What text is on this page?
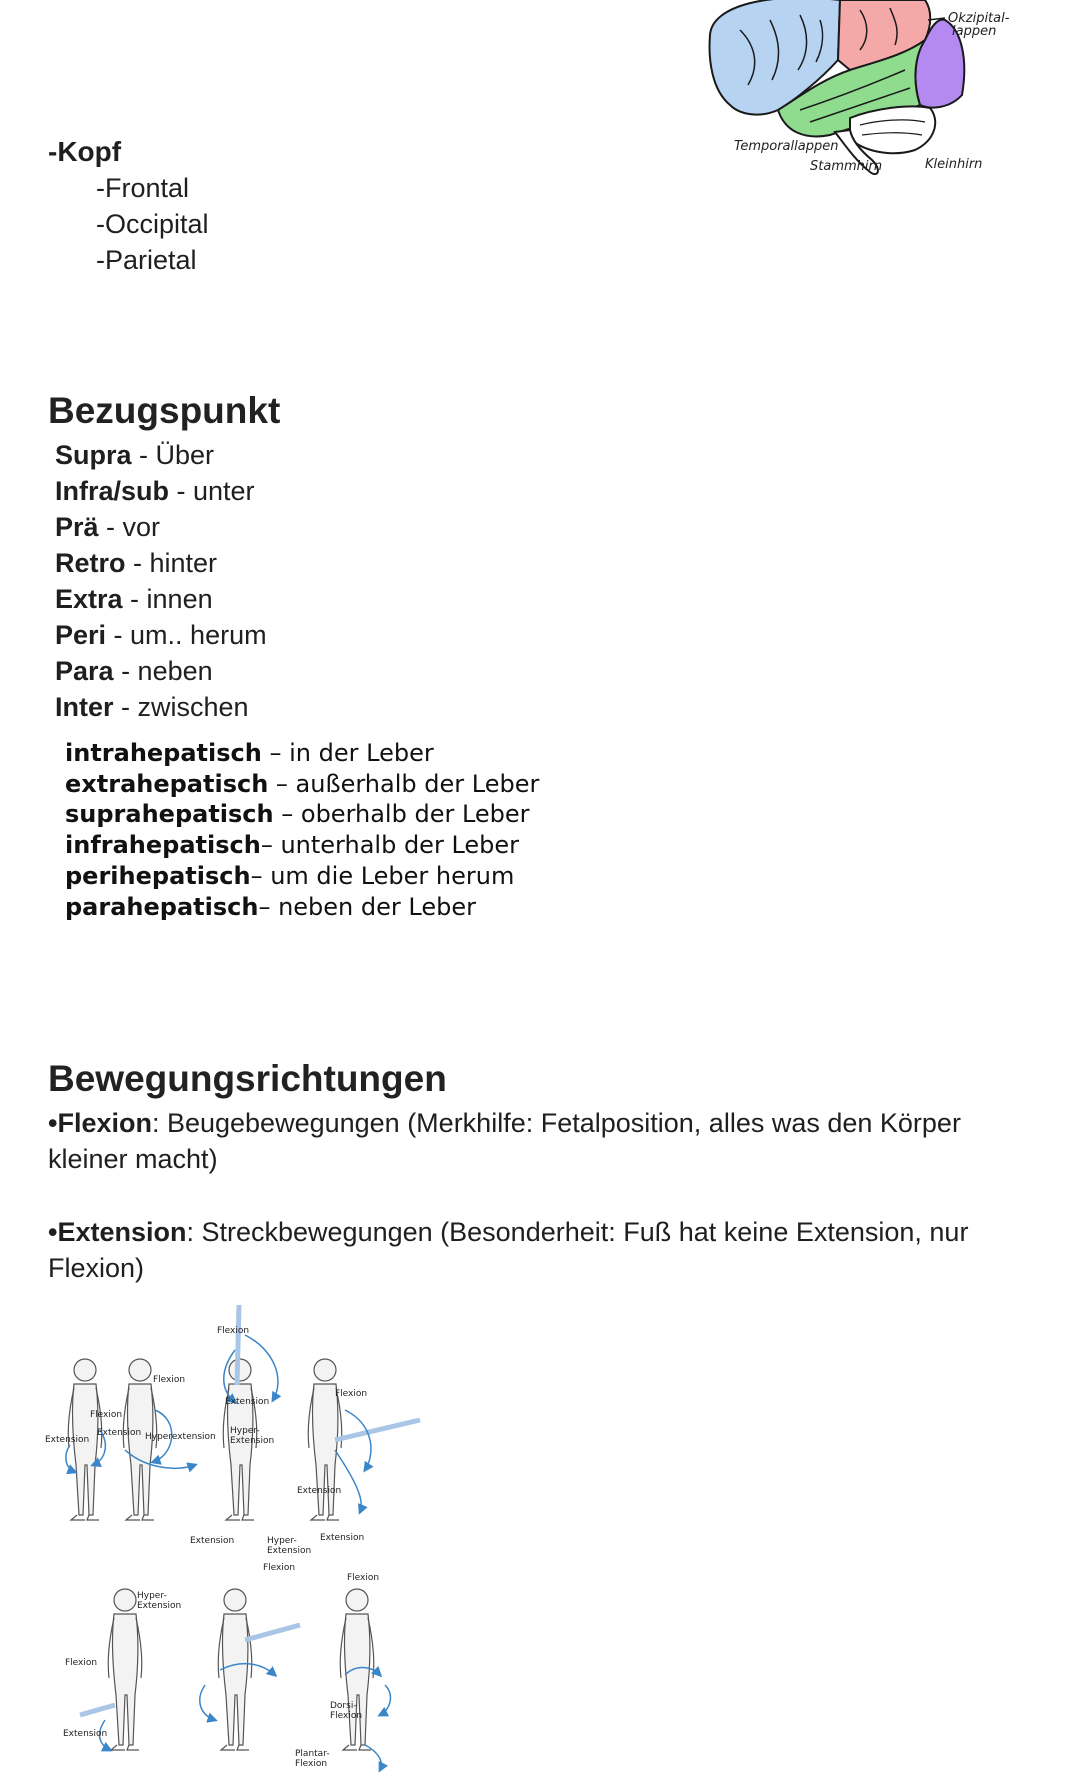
Okzipital-
lappen
Temporallappen
Stammhirn	Kleinhirn
-Kopf
-Frontal
-Occipital
-Parietal
Bezugspunkt
Supra - Über
Infra/sub - unter
Prä - vor
Retro - hinter
Extra - innen
Peri - um.. herum
Para - neben
Inter - zwischen
intrahepatisch – in der Leber
extrahepatisch – außerhalb der Leber
suprahepatisch – oberhalb der Leber
infrahepatisch– unterhalb der Leber
perihepatisch– um die Leber herum
parahepatisch– neben der Leber
Bewegungsrichtungen
•Flexion: Beugebewegungen (Merkhilfe: Fetalposition, alles was den Körper kleiner macht)
•Extension: Streckbewegungen (Besonderheit: Fuß hat keine Extension, nur Flexion)
Flexion
Flexion
Flexion
Flexion
Extension
Extension
Extension	Hyperextension
Hyper-
Extension
Extension
Extension	Hyper-
Extension
Extension
Flexion
Hyper-
Extension
Flexion
Flexion
Extension
Dorsi-
Flexion
Plantar-
Flexion
